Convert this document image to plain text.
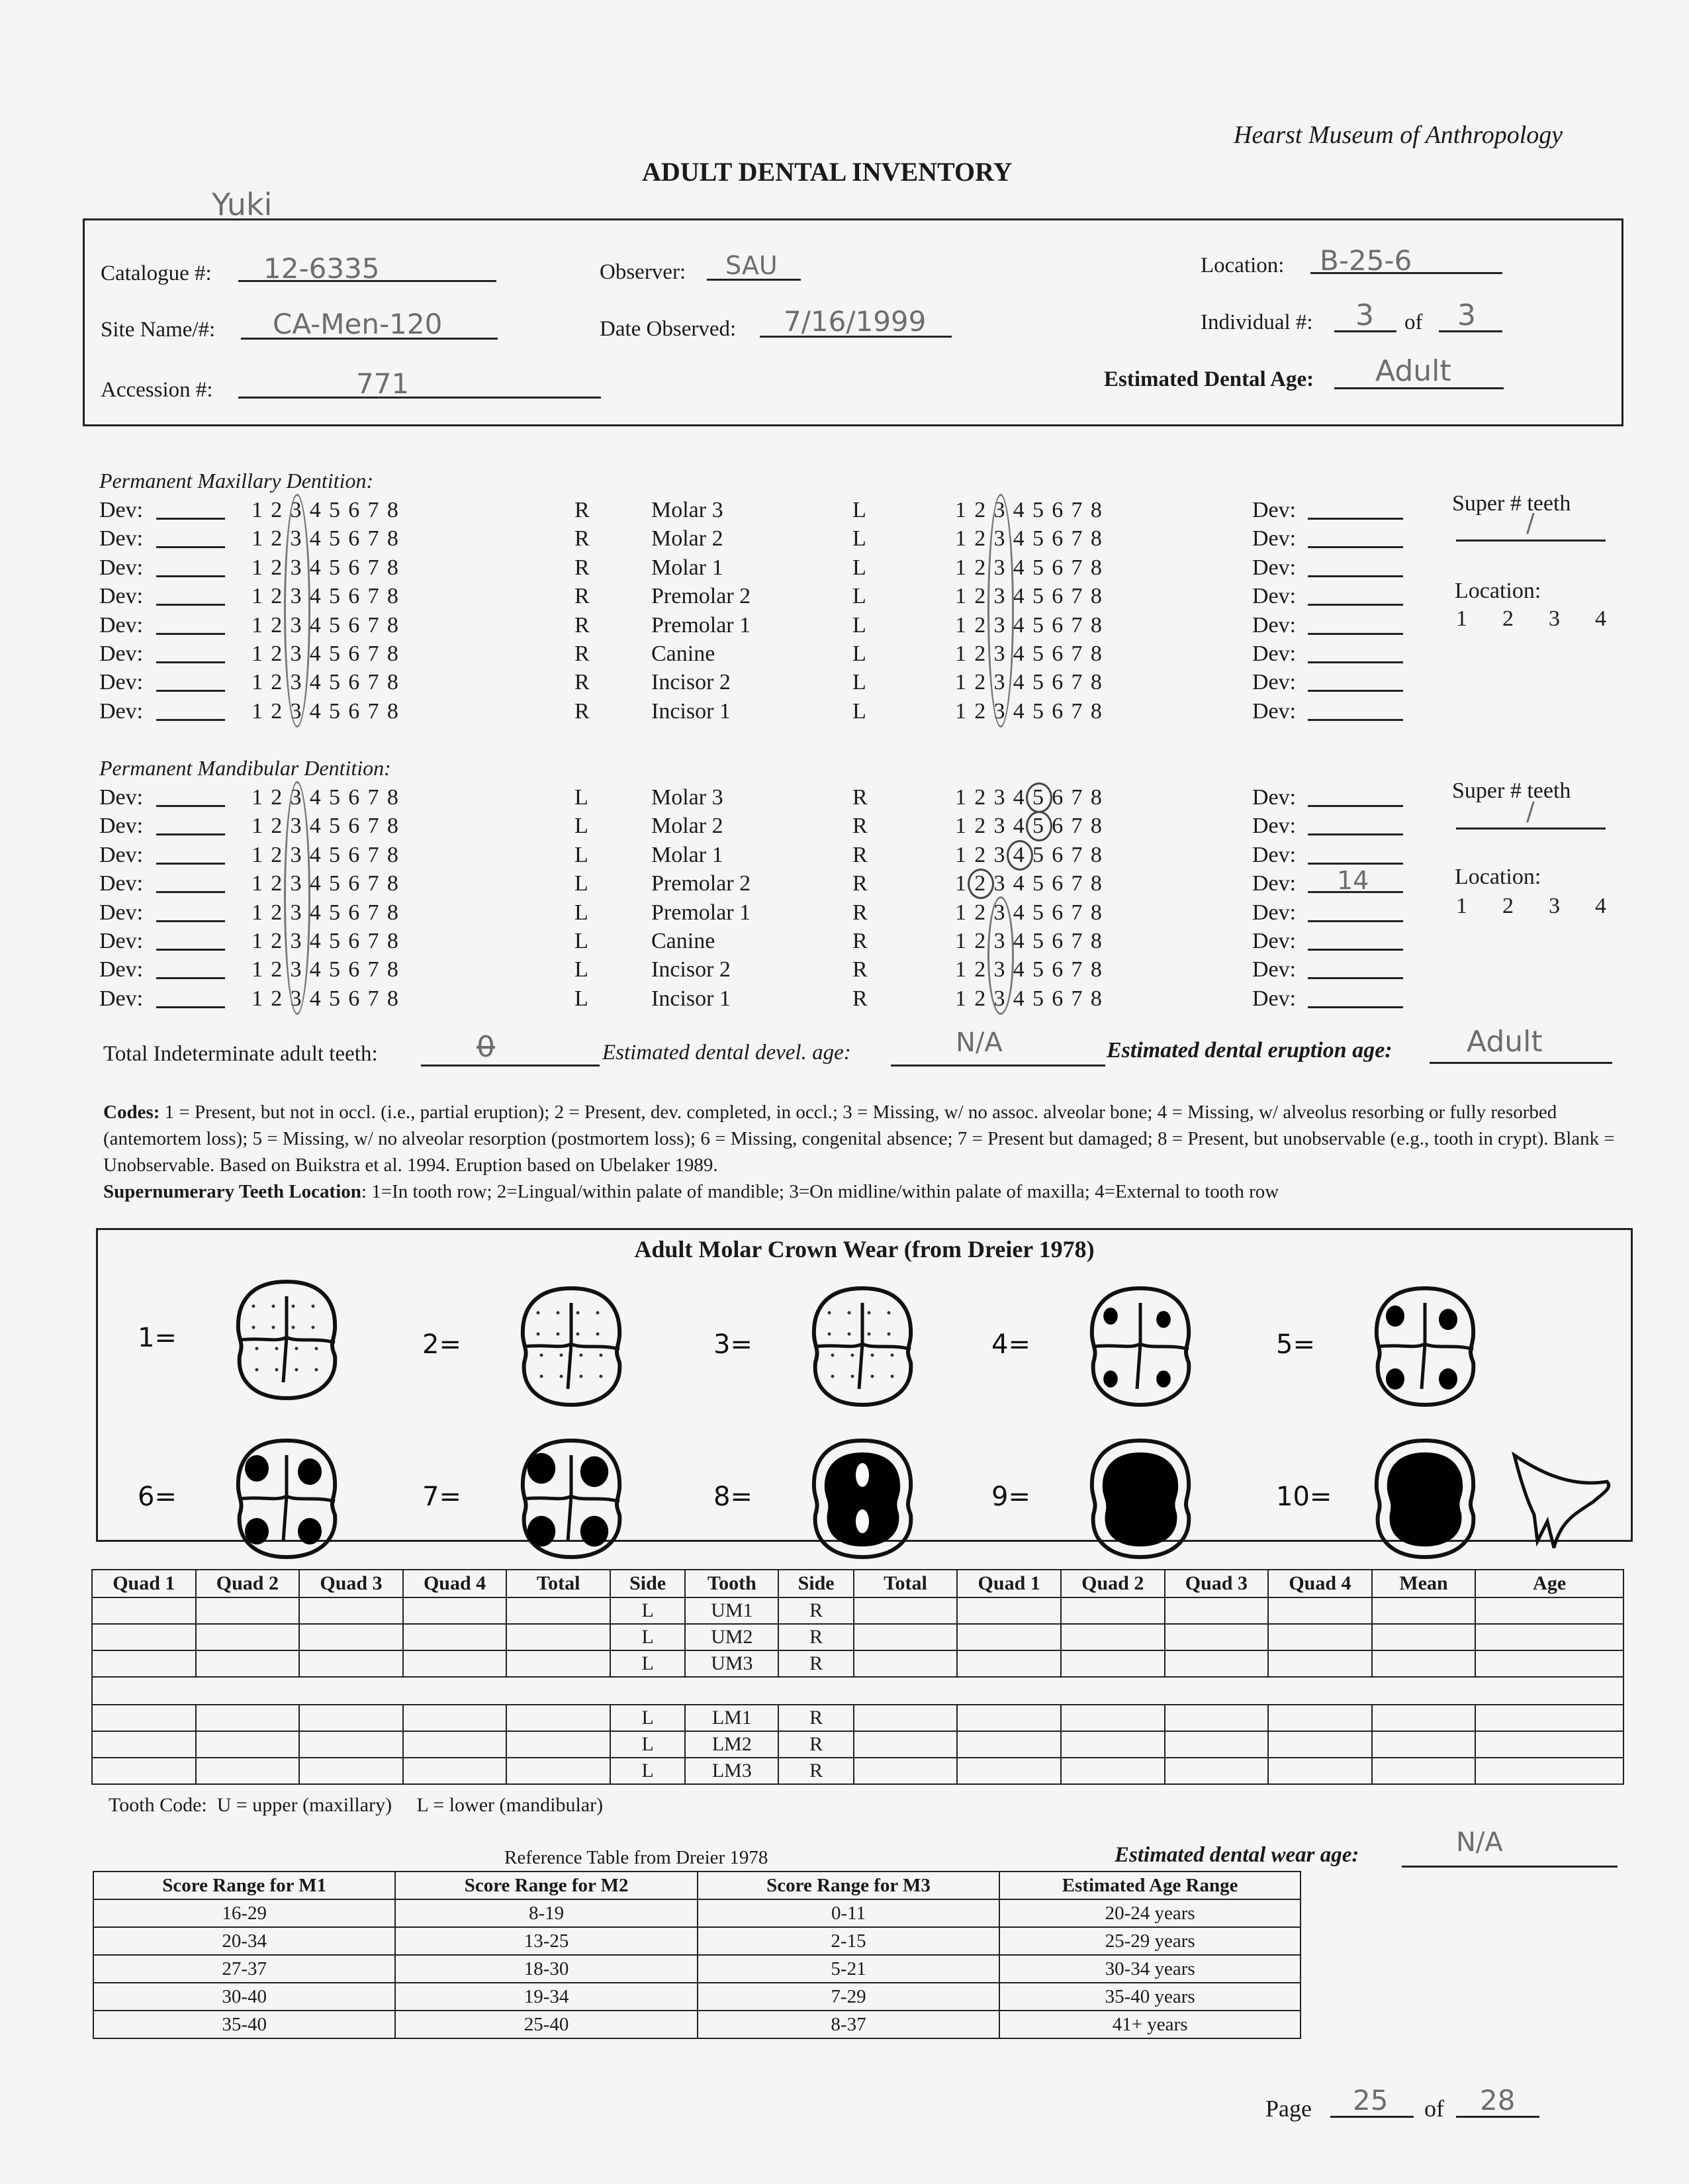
Hearst Museum of Anthropology
ADULT DENTAL INVENTORY
Yuki
Catalogue #: 12-6335
Site Name/#: CA-Men-120
Accession #:	771
Observer: SAU
Date Observed: 7/16/1999
Location: B-25-6
Individual #: 3 of 3
Estimated Dental Age: Adult
Permanent Maxillary Dentition:
Dev:	1 2 3 4 5 6 7 8	R	Molar 3	L	1 2 3 4 5 6 7 8	Dev:
Dev:	1 2 3 4 5 6 7 8	R	Molar 2	L	1 2 3 4 5 6 7 8	Dev:
Dev:	1 2 3 4 5 6 7 8	R	Molar 1	L	1 2 3 4 5 6 7 8	Dev:
Dev:	1 2 3 4 5 6 7 8	R	Premolar 2	L	1 2 3 4 5 6 7 8	Dev:
Dev:	1 2 3 4 5 6 7 8	R	Premolar 1	L	1 2 3 4 5 6 7 8	Dev:
Dev:	1 2 3 4 5 6 7 8	R	Canine	L	1 2 3 4 5 6 7 8	Dev:
Dev:	1 2 3 4 5 6 7 8	R	Incisor 2	L	1 2 3 4 5 6 7 8	Dev:
Dev:	1 2 3 4 5 6 7 8	R	Incisor 1	L	1 2 3 4 5 6 7 8	Dev:
Super # teeth
/
Location:
1 2 3 4
Permanent Mandibular Dentition:
Dev:	1 2 3 4 5 6 7 8	L	Molar 3	R	1 2 3 4 5 6 7 8	Dev:
Dev:	1 2 3 4 5 6 7 8	L	Molar 2	R	1 2 3 4 5 6 7 8	Dev:
Dev:	1 2 3 4 5 6 7 8	L	Molar 1	R	1 2 3 4 5 6 7 8	Dev:
Dev:	1 2 3 4 5 6 7 8	L	Premolar 2	R	1 2 3 4 5 6 7 8	Dev: 14
Dev:	1 2 3 4 5 6 7 8	L	Premolar 1	R	1 2 3 4 5 6 7 8	Dev:
Dev:	1 2 3 4 5 6 7 8	L	Canine	R	1 2 3 4 5 6 7 8	Dev:
Dev:	1 2 3 4 5 6 7 8	L	Incisor 2	R	1 2 3 4 5 6 7 8	Dev:
Dev:	1 2 3 4 5 6 7 8	L	Incisor 1	R	1 2 3 4 5 6 7 8	Dev:
Super # teeth
/
Location:
1 2 3 4
Total Indeterminate adult teeth:	0	Estimated dental devel. age:	N/A	Estimated dental eruption age:	Adult
Codes: 1 = Present, but not in occl. (i.e., partial eruption); 2 = Present, dev. completed, in occl.; 3 = Missing, w/ no assoc. alveolar bone; 4 = Missing, w/ alveolus resorbing or fully resorbed (antemortem loss); 5 = Missing, w/ no alveolar resorption (postmortem loss); 6 = Missing, congenital absence; 7 = Present but damaged; 8 = Present, but unobservable (e.g., tooth in crypt). Blank = Unobservable. Based on Buikstra et al. 1994. Eruption based on Ubelaker 1989.
Supernumerary Teeth Location: 1=In tooth row; 2=Lingual/within palate of mandible; 3=On midline/within palate of maxilla; 4=External to tooth row
Adult Molar Crown Wear (from Dreier 1978)
1=	2=	3=	4=	5=
6=	7=	8=	9=	10=
Quad 1	Quad 2	Quad 3	Quad 4	Total	Side	Tooth	Side	Total	Quad 1	Quad 2	Quad 3	Quad 4	Mean	Age
					L	UM1	R							
					L	UM2	R							
					L	UM3	R							

					L	LM1	R							
					L	LM2	R							
					L	LM3	R							
Tooth Code:  U = upper (maxillary)     L = lower (mandibular)
Reference Table from Dreier 1978	Estimated dental wear age:	N/A
Score Range for M1	Score Range for M2	Score Range for M3	Estimated Age Range
16-29	8-19	0-11	20-24 years
20-34	13-25	2-15	25-29 years
27-37	18-30	5-21	30-34 years
30-40	19-34	7-29	35-40 years
35-40	25-40	8-37	41+ years
Page 25 of 28
